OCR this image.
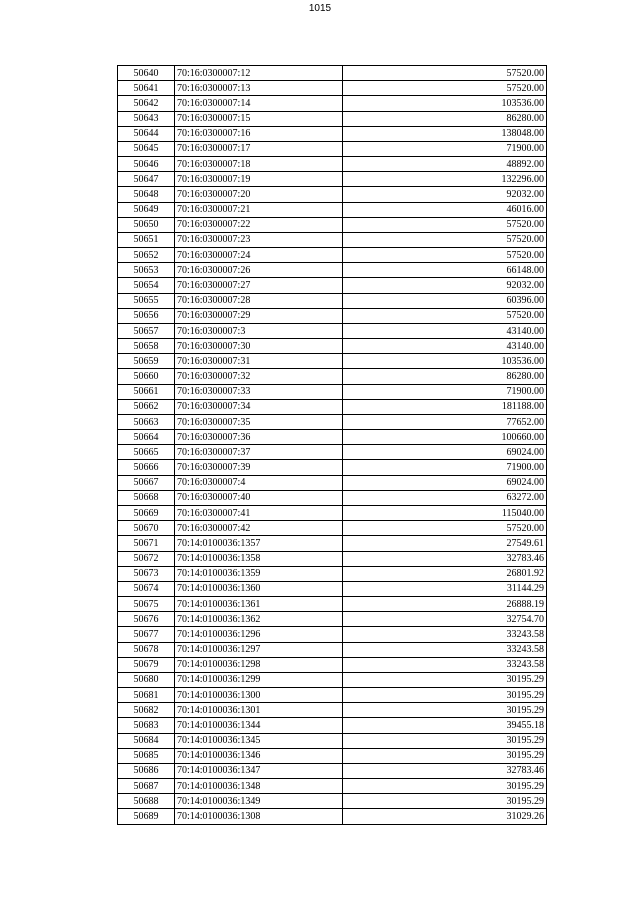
1015
50640	70:16:0300007:12	57520.00
50641	70:16:0300007:13	57520.00
50642	70:16:0300007:14	103536.00
50643	70:16:0300007:15	86280.00
50644	70:16:0300007:16	138048.00
50645	70:16:0300007:17	71900.00
50646	70:16:0300007:18	48892.00
50647	70:16:0300007:19	132296.00
50648	70:16:0300007:20	92032.00
50649	70:16:0300007:21	46016.00
50650	70:16:0300007:22	57520.00
50651	70:16:0300007:23	57520.00
50652	70:16:0300007:24	57520.00
50653	70:16:0300007:26	66148.00
50654	70:16:0300007:27	92032.00
50655	70:16:0300007:28	60396.00
50656	70:16:0300007:29	57520.00
50657	70:16:0300007:3	43140.00
50658	70:16:0300007:30	43140.00
50659	70:16:0300007:31	103536.00
50660	70:16:0300007:32	86280.00
50661	70:16:0300007:33	71900.00
50662	70:16:0300007:34	181188.00
50663	70:16:0300007:35	77652.00
50664	70:16:0300007:36	100660.00
50665	70:16:0300007:37	69024.00
50666	70:16:0300007:39	71900.00
50667	70:16:0300007:4	69024.00
50668	70:16:0300007:40	63272.00
50669	70:16:0300007:41	115040.00
50670	70:16:0300007:42	57520.00
50671	70:14:0100036:1357	27549.61
50672	70:14:0100036:1358	32783.46
50673	70:14:0100036:1359	26801.92
50674	70:14:0100036:1360	31144.29
50675	70:14:0100036:1361	26888.19
50676	70:14:0100036:1362	32754.70
50677	70:14:0100036:1296	33243.58
50678	70:14:0100036:1297	33243.58
50679	70:14:0100036:1298	33243.58
50680	70:14:0100036:1299	30195.29
50681	70:14:0100036:1300	30195.29
50682	70:14:0100036:1301	30195.29
50683	70:14:0100036:1344	39455.18
50684	70:14:0100036:1345	30195.29
50685	70:14:0100036:1346	30195.29
50686	70:14:0100036:1347	32783.46
50687	70:14:0100036:1348	30195.29
50688	70:14:0100036:1349	30195.29
50689	70:14:0100036:1308	31029.26
